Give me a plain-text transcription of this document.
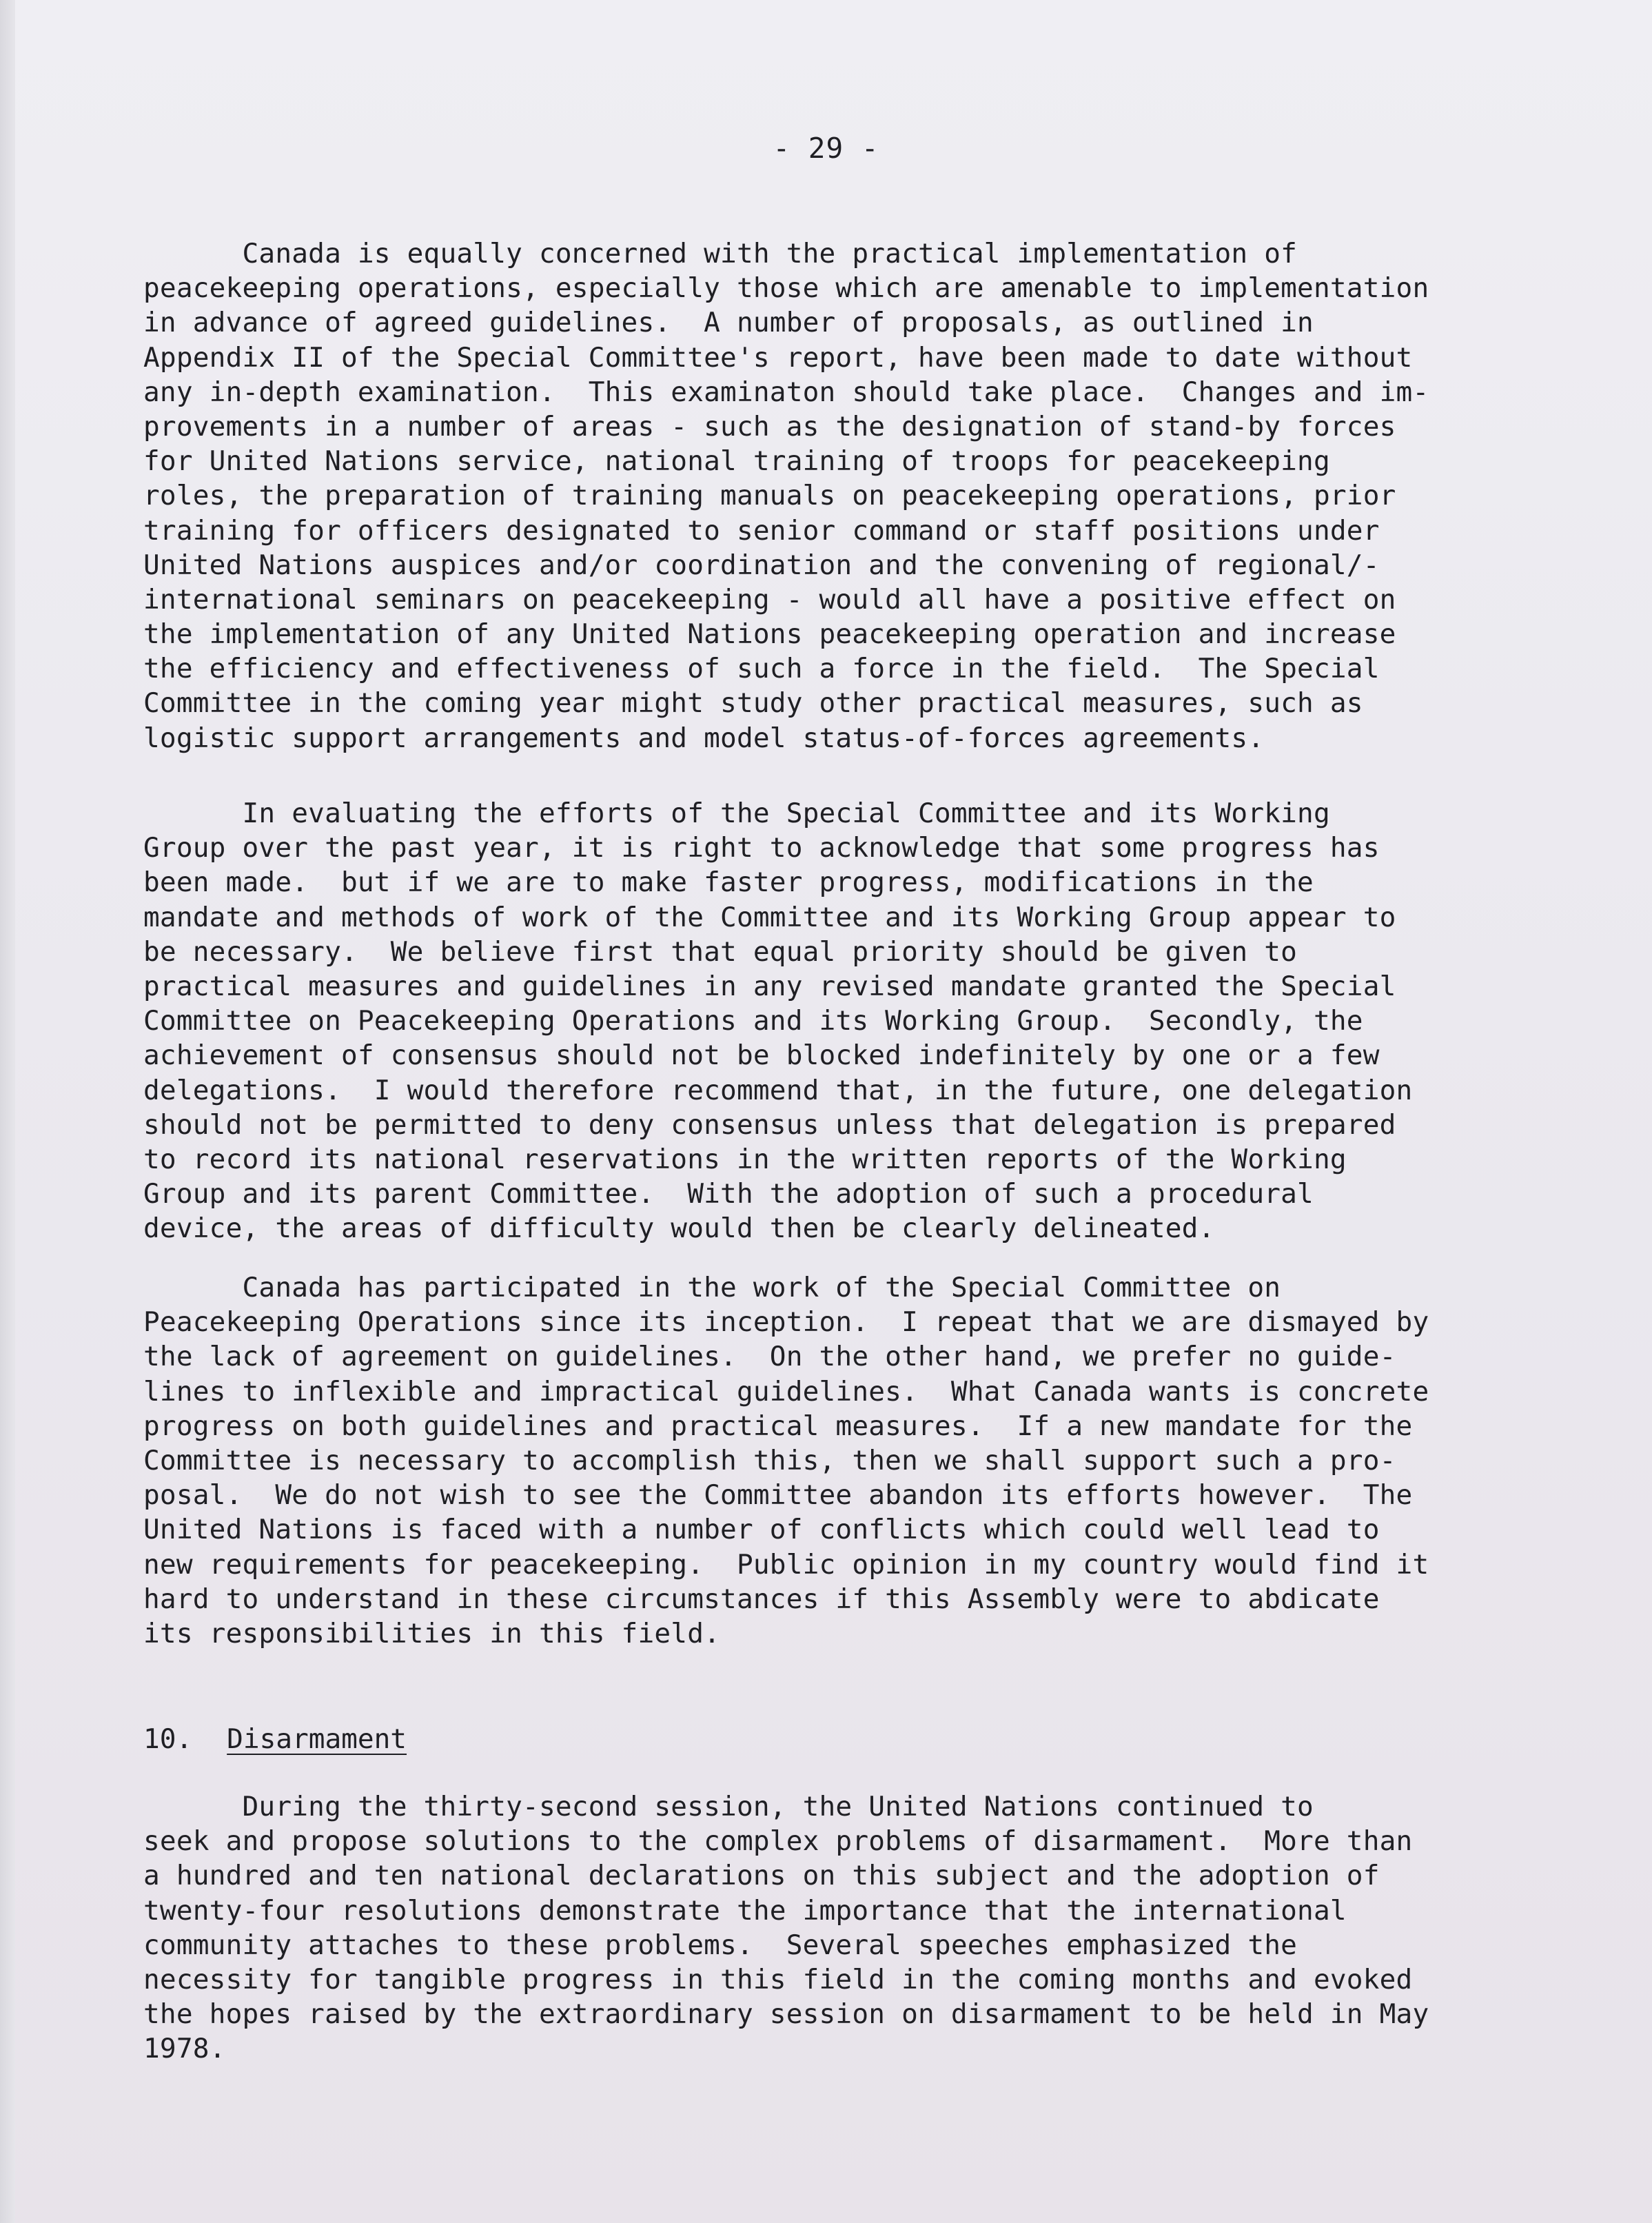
- 29 -
Canada is equally concerned with the practical implementation of
peacekeeping operations, especially those which are amenable to implementation
in advance of agreed guidelines.  A number of proposals, as outlined in
Appendix II of the Special Committee's report, have been made to date without
any in-depth examination.  This examinaton should take place.  Changes and im-
provements in a number of areas - such as the designation of stand-by forces
for United Nations service, national training of troops for peacekeeping
roles, the preparation of training manuals on peacekeeping operations, prior
training for officers designated to senior command or staff positions under
United Nations auspices and/or coordination and the convening of regional/-
international seminars on peacekeeping - would all have a positive effect on
the implementation of any United Nations peacekeeping operation and increase
the efficiency and effectiveness of such a force in the field.  The Special
Committee in the coming year might study other practical measures, such as
logistic support arrangements and model status-of-forces agreements.
In evaluating the efforts of the Special Committee and its Working
Group over the past year, it is right to acknowledge that some progress has
been made.  but if we are to make faster progress, modifications in the
mandate and methods of work of the Committee and its Working Group appear to
be necessary.  We believe first that equal priority should be given to
practical measures and guidelines in any revised mandate granted the Special
Committee on Peacekeeping Operations and its Working Group.  Secondly, the
achievement of consensus should not be blocked indefinitely by one or a few
delegations.  I would therefore recommend that, in the future, one delegation
should not be permitted to deny consensus unless that delegation is prepared
to record its national reservations in the written reports of the Working
Group and its parent Committee.  With the adoption of such a procedural
device, the areas of difficulty would then be clearly delineated.
Canada has participated in the work of the Special Committee on
Peacekeeping Operations since its inception.  I repeat that we are dismayed by
the lack of agreement on guidelines.  On the other hand, we prefer no guide-
lines to inflexible and impractical guidelines.  What Canada wants is concrete
progress on both guidelines and practical measures.  If a new mandate for the
Committee is necessary to accomplish this, then we shall support such a pro-
posal.  We do not wish to see the Committee abandon its efforts however.  The
United Nations is faced with a number of conflicts which could well lead to
new requirements for peacekeeping.  Public opinion in my country would find it
hard to understand in these circumstances if this Assembly were to abdicate
its responsibilities in this field.
10. Disarmament
During the thirty-second session, the United Nations continued to
seek and propose solutions to the complex problems of disarmament.  More than
a hundred and ten national declarations on this subject and the adoption of
twenty-four resolutions demonstrate the importance that the international
community attaches to these problems.  Several speeches emphasized the
necessity for tangible progress in this field in the coming months and evoked
the hopes raised by the extraordinary session on disarmament to be held in May
1978.
